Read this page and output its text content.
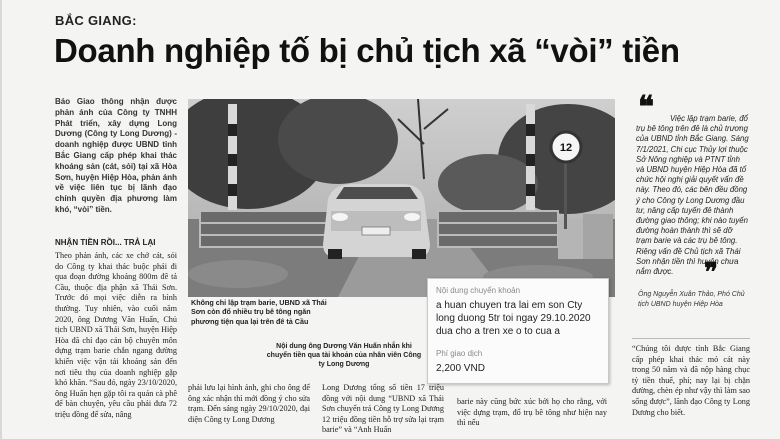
BẮC GIANG:
Doanh nghiệp tố bị chủ tịch xã “vòi” tiền
Báo Giao thông nhận được phản ánh của Công ty TNHH Phát triển, xây dựng Long Dương (Công ty Long Dương) - doanh nghiệp được UBND tỉnh Bắc Giang cấp phép khai thác khoáng sản (cát, sỏi) tại xã Hòa Sơn, huyện Hiệp Hòa, phản ánh về việc liên tục bị lãnh đạo chính quyền địa phương làm khó, “vòi” tiền.
NHẬN TIỀN RỒI... TRẢ LẠI
Theo phản ánh, các xe chở cát, sỏi do Công ty khai thác buộc phải đi qua đoạn đường khoảng 800m đê tả Cầu, thuộc địa phận xã Thái Sơn. Trước đó mọi việc diễn ra bình thường. Tuy nhiên, vào cuối năm 2020, ông Dương Văn Huấn, Chủ tịch UBND xã Thái Sơn, huyện Hiệp Hòa đã chỉ đạo cán bộ chuyên môn dựng trạm barie chắn ngang đường khiến việc vận tải khoáng sản đến nơi tiêu thụ của doanh nghiệp gặp khó khăn. “Sau đó, ngày 23/10/2020, ông Huấn hẹn gặp tôi ra quán cà phê để bàn chuyện, yêu cầu phải đưa 72 triệu đồng để sửa, nâng
12
Không chỉ lập trạm barie, UBND xã Thái Sơn còn đổ nhiều trụ bê tông ngăn phương tiện qua lại trên đê tả Cầu
Nội dung chuyển khoản
a huan chuyen tra lai em son Cty long duong 5tr toi ngay 29.10.2020 dua cho a tren xe o to cua a
Phí giao dịch
2,200 VND
Nội dung ông Dương Văn Huấn nhắn khi chuyển tiền qua tài khoản của nhân viên Công ty Long Dương
phải lưu lại hình ảnh, ghi cho ông để ông xác nhận thì mới đồng ý cho sửa trạm. Đến sáng ngày 29/10/2020, đại diện Công ty Long Dương
Long Dương tổng số tiền 17 triệu đồng với nội dung “UBND xã Thái Sơn chuyển trả Công ty Long Dương 12 triệu đồng tiền hỗ trợ sửa lại trạm barie” và “Anh Huấn
barie này cũng bức xúc bởi họ cho rằng, với việc dựng trạm, đổ trụ bê tông như hiện nay thì nếu
❝	Việc lập trạm barie, đổ trụ bê tông trên đê là chủ trương của UBND tỉnh Bắc Giang. Sáng 7/1/2021, Chi cục Thủy lợi thuộc Sở Nông nghiệp và PTNT tỉnh và UBND huyện Hiệp Hòa đã tổ chức hội nghị giải quyết vấn đề này. Theo đó, các bên đều đồng ý cho Công ty Long Dương đầu tư, nâng cấp tuyến đê thành đường giao thông; khi nào tuyến đường hoàn thành thì sẽ dỡ trạm barie và các trụ bê tông. Riêng vấn đề Chủ tịch xã Thái Sơn nhận tiền thì huyện chưa nắm được.	❞
Ông Nguyễn Xuân Thảo, Phó Chủ tịch UBND huyện Hiệp Hòa
“Chúng tôi được tỉnh Bắc Giang cấp phép khai thác mỏ cát này trong 50 năm và đã nộp hàng chục tỷ tiền thuế, phí; nay lại bị chặn đường, chèn ép như vậy thì làm sao sống được”, lãnh đạo Công ty Long Dương cho biết.
